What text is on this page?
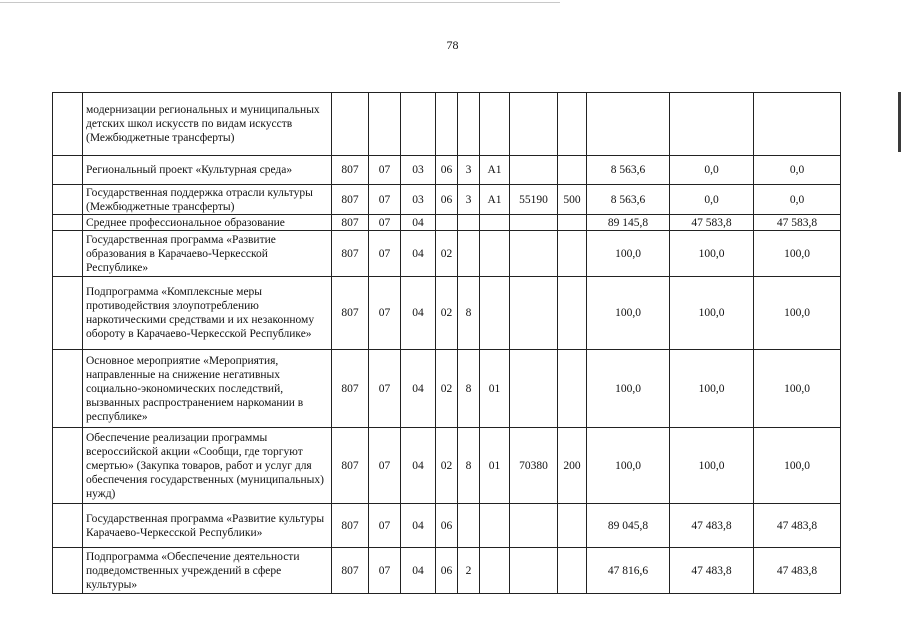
78
	модернизации региональных и муниципальных детских школ искусств по видам искусств (Межбюджетные трансферты)											
	Региональный проект «Культурная среда»	807	07	03	06	3	А1			8 563,6	0,0	0,0
	Государственная поддержка отрасли культуры (Межбюджетные трансферты)	807	07	03	06	3	А1	55190	500	8 563,6	0,0	0,0
	Среднее профессиональное образование	807	07	04						89 145,8	47 583,8	47 583,8
	Государственная программа «Развитие образования в Карачаево-Черкесской Республике»	807	07	04	02					100,0	100,0	100,0
	Подпрограмма «Комплексные меры противодействия злоупотреблению наркотическими средствами и их незаконному обороту в Карачаево-Черкесской Республике»	807	07	04	02	8				100,0	100,0	100,0
	Основное мероприятие «Мероприятия, направленные на снижение негативных социально-экономических последствий, вызванных распространением наркомании в республике»	807	07	04	02	8	01			100,0	100,0	100,0
	Обеспечение реализации программы всероссийской акции «Сообщи, где торгуют смертью» (Закупка товаров, работ и услуг для обеспечения государственных (муниципальных) нужд)	807	07	04	02	8	01	70380	200	100,0	100,0	100,0
	Государственная программа «Развитие культуры Карачаево-Черкесской Республики»	807	07	04	06					89 045,8	47 483,8	47 483,8
	Подпрограмма «Обеспечение деятельности подведомственных учреждений в сфере культуры»	807	07	04	06	2				47 816,6	47 483,8	47 483,8
